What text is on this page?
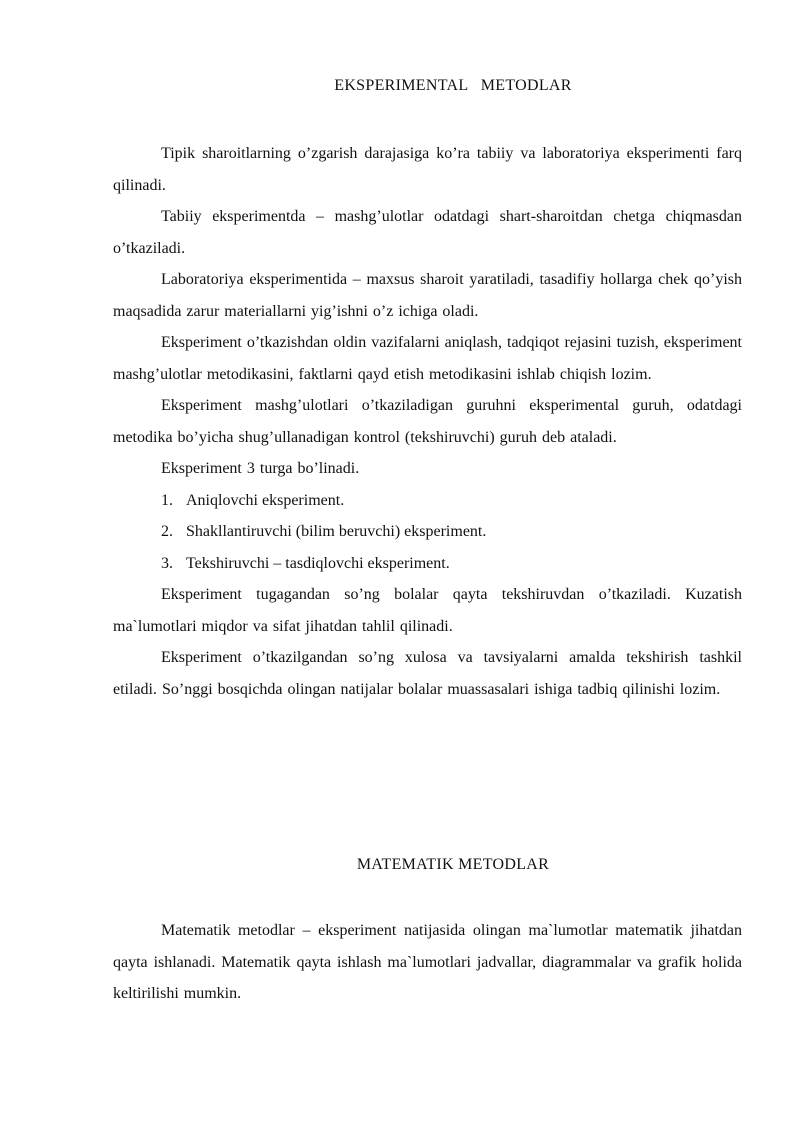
EKSPERIMENTAL   METODLAR

Tipik sharoitlarning o’zgarish darajasiga ko’ra tabiiy va laboratoriya eksperimenti farq qilinadi.

Tabiiy eksperimentda – mashg’ulotlar odatdagi shart-sharoitdan chetga chiqmasdan o’tkaziladi.

Laboratoriya eksperimentida – maxsus sharoit yaratiladi, tasadifiy hollarga chek qo’yish maqsadida zarur materiallarni yig’ishni o’z ichiga oladi.

Eksperiment o’tkazishdan oldin vazifalarni aniqlash, tadqiqot rejasini tuzish, eksperiment mashg’ulotlar metodikasini, faktlarni qayd etish metodikasini ishlab chiqish lozim.

Eksperiment mashg’ulotlari o’tkaziladigan guruhni eksperimental guruh, odatdagi metodika bo’yicha shug’ullanadigan kontrol (tekshiruvchi) guruh deb ataladi.

Eksperiment 3 turga bo’linadi.

1. Aniqlovchi eksperiment.
2. Shakllantiruvchi (bilim beruvchi) eksperiment.
3. Tekshiruvchi – tasdiqlovchi eksperiment.

Eksperiment tugagandan so’ng bolalar qayta tekshiruvdan o’tkaziladi. Kuzatish ma`lumotlari miqdor va sifat jihatdan tahlil qilinadi.

Eksperiment o’tkazilgandan so’ng xulosa va tavsiyalarni amalda tekshirish tashkil etiladi. So’nggi bosqichda olingan natijalar bolalar muassasalari ishiga tadbiq qilinishi lozim.

MATEMATIK METODLAR

Matematik metodlar – eksperiment natijasida olingan ma`lumotlar matematik jihatdan qayta ishlanadi. Matematik qayta ishlash ma`lumotlari jadvallar, diagrammalar va grafik holida keltirilishi mumkin.
